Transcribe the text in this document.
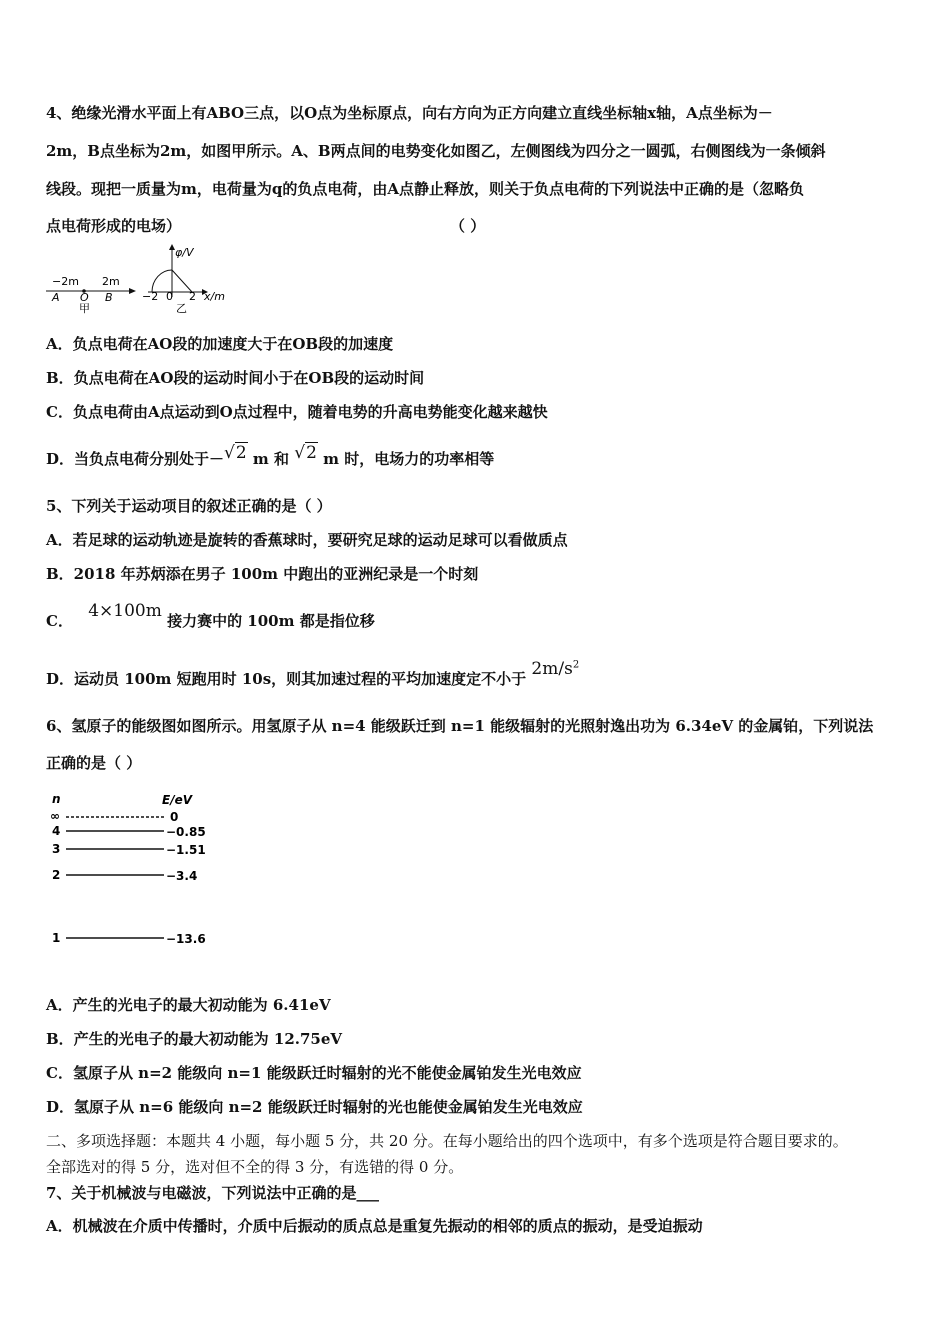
4、绝缘光滑水平面上有ABO三点，以O点为坐标原点，向右方向为正方向建立直线坐标轴x轴，A点坐标为－
2m，B点坐标为2m，如图甲所示。A、B两点间的电势变化如图乙，左侧图线为四分之一圆弧，右侧图线为一条倾斜
线段。现把一质量为m，电荷量为q的负点电荷，由A点静止释放，则关于负点电荷的下列说法中正确的是（忽略负
点电荷形成的电场）	（ ）
−2m 2m
A O B
甲
φ/V
−2 0 2 x/m
乙
A．负点电荷在AO段的加速度大于在OB段的加速度
B．负点电荷在AO段的运动时间小于在OB段的运动时间
C．负点电荷由A点运动到O点过程中，随着电势的升高电势能变化越来越快
D．当负点电荷分别处于－√2 m 和 √2 m 时，电场力的功率相等
5、下列关于运动项目的叙述正确的是（ ）
A．若足球的运动轨迹是旋转的香蕉球时，要研究足球的运动足球可以看做质点
B．2018 年苏炳添在男子 100m 中跑出的亚洲纪录是一个时刻
C． 4×100m 接力赛中的 100m 都是指位移
D．运动员 100m 短跑用时 10s，则其加速过程的平均加速度定不小于 $2m/s^2$
6、氢原子的能级图如图所示。用氢原子从 n=4 能级跃迁到 n=1 能级辐射的光照射逸出功为 6.34eV 的金属铂，下列说法
正确的是（ ）
n	E/eV
∞	0
4	−0.85
3	−1.51
2	−3.4
1	−13.6
A．产生的光电子的最大初动能为 6.41eV
B．产生的光电子的最大初动能为 12.75eV
C．氢原子从 n=2 能级向 n=1 能级跃迁时辐射的光不能使金属铂发生光电效应
D．氢原子从 n=6 能级向 n=2 能级跃迁时辐射的光也能使金属铂发生光电效应
二、多项选择题：本题共 4 小题，每小题 5 分，共 20 分。在每小题给出的四个选项中，有多个选项是符合题目要求的。
全部选对的得 5 分，选对但不全的得 3 分，有选错的得 0 分。
7、关于机械波与电磁波，下列说法中正确的是___
A．机械波在介质中传播时，介质中后振动的质点总是重复先振动的相邻的质点的振动，是受迫振动
